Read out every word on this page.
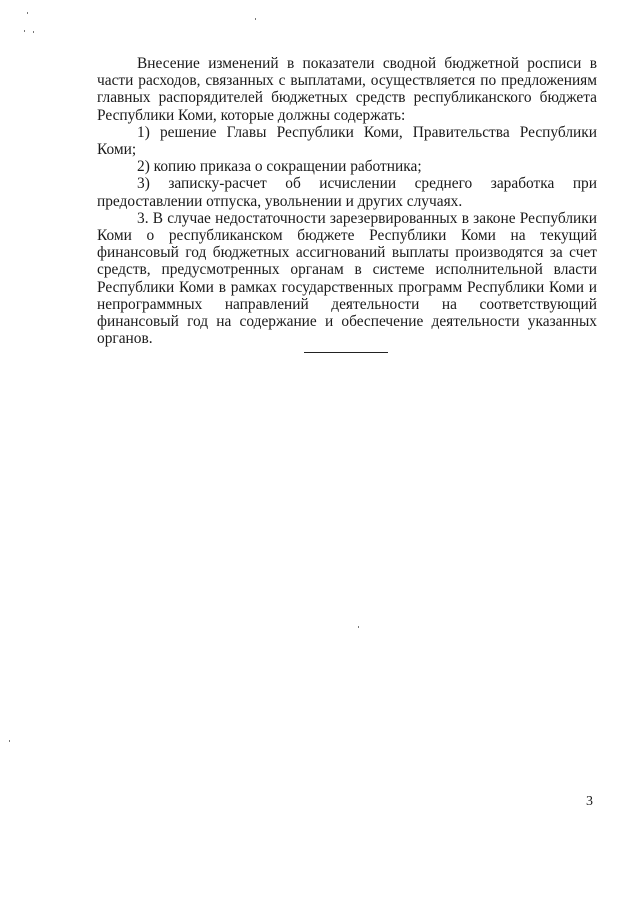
Внесение изменений в показатели сводной бюджетной росписи в части расходов, связанных с выплатами, осуществляется по предложениям главных распорядителей бюджетных средств республиканского бюджета Республики Коми, которые должны содержать:

1) решение Главы Республики Коми, Правительства Республики Коми;

2) копию приказа о сокращении работника;

3) записку-расчет об исчислении среднего заработка при предоставлении отпуска, увольнении и других случаях.

3. В случае недостаточности зарезервированных в законе Республики Коми о республиканском бюджете Республики Коми на текущий финансовый год бюджетных ассигнований выплаты производятся за счет средств, предусмотренных органам в системе исполнительной власти Республики Коми в рамках государственных программ Республики Коми и непрограммных направлений деятельности на соответствующий финансовый год на содержание и обеспечение деятельности указанных органов.

3
